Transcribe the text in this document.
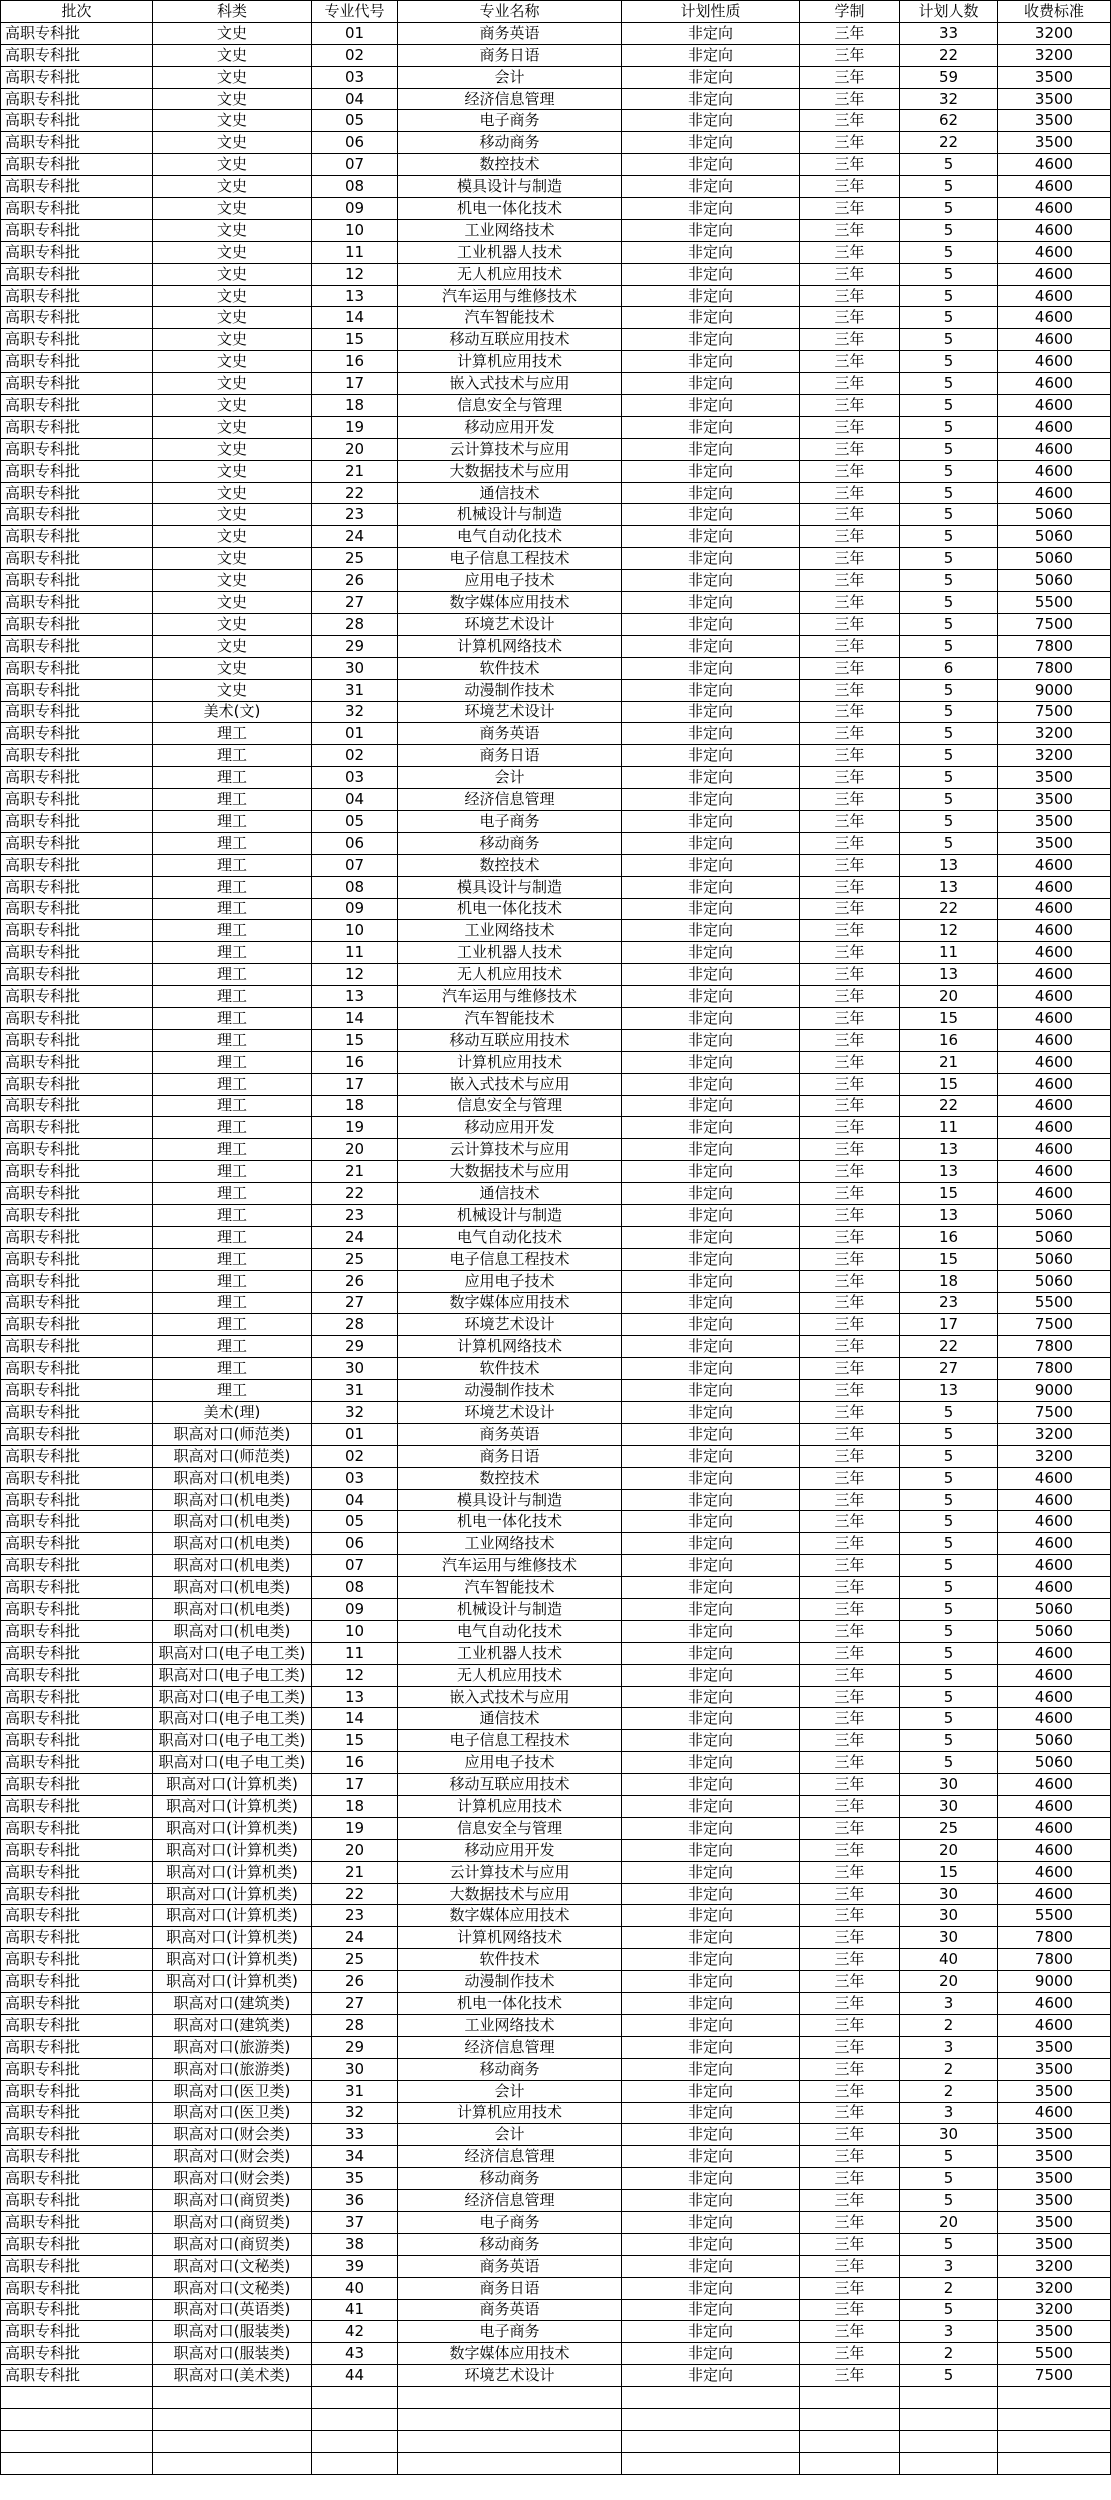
批次	科类	专业代号	专业名称	计划性质	学制	计划人数	收费标准
高职专科批	文史	01	商务英语	非定向	三年	33	3200
高职专科批	文史	02	商务日语	非定向	三年	22	3200
高职专科批	文史	03	会计	非定向	三年	59	3500
高职专科批	文史	04	经济信息管理	非定向	三年	32	3500
高职专科批	文史	05	电子商务	非定向	三年	62	3500
高职专科批	文史	06	移动商务	非定向	三年	22	3500
高职专科批	文史	07	数控技术	非定向	三年	5	4600
高职专科批	文史	08	模具设计与制造	非定向	三年	5	4600
高职专科批	文史	09	机电一体化技术	非定向	三年	5	4600
高职专科批	文史	10	工业网络技术	非定向	三年	5	4600
高职专科批	文史	11	工业机器人技术	非定向	三年	5	4600
高职专科批	文史	12	无人机应用技术	非定向	三年	5	4600
高职专科批	文史	13	汽车运用与维修技术	非定向	三年	5	4600
高职专科批	文史	14	汽车智能技术	非定向	三年	5	4600
高职专科批	文史	15	移动互联应用技术	非定向	三年	5	4600
高职专科批	文史	16	计算机应用技术	非定向	三年	5	4600
高职专科批	文史	17	嵌入式技术与应用	非定向	三年	5	4600
高职专科批	文史	18	信息安全与管理	非定向	三年	5	4600
高职专科批	文史	19	移动应用开发	非定向	三年	5	4600
高职专科批	文史	20	云计算技术与应用	非定向	三年	5	4600
高职专科批	文史	21	大数据技术与应用	非定向	三年	5	4600
高职专科批	文史	22	通信技术	非定向	三年	5	4600
高职专科批	文史	23	机械设计与制造	非定向	三年	5	5060
高职专科批	文史	24	电气自动化技术	非定向	三年	5	5060
高职专科批	文史	25	电子信息工程技术	非定向	三年	5	5060
高职专科批	文史	26	应用电子技术	非定向	三年	5	5060
高职专科批	文史	27	数字媒体应用技术	非定向	三年	5	5500
高职专科批	文史	28	环境艺术设计	非定向	三年	5	7500
高职专科批	文史	29	计算机网络技术	非定向	三年	5	7800
高职专科批	文史	30	软件技术	非定向	三年	6	7800
高职专科批	文史	31	动漫制作技术	非定向	三年	5	9000
高职专科批	美术(文)	32	环境艺术设计	非定向	三年	5	7500
高职专科批	理工	01	商务英语	非定向	三年	5	3200
高职专科批	理工	02	商务日语	非定向	三年	5	3200
高职专科批	理工	03	会计	非定向	三年	5	3500
高职专科批	理工	04	经济信息管理	非定向	三年	5	3500
高职专科批	理工	05	电子商务	非定向	三年	5	3500
高职专科批	理工	06	移动商务	非定向	三年	5	3500
高职专科批	理工	07	数控技术	非定向	三年	13	4600
高职专科批	理工	08	模具设计与制造	非定向	三年	13	4600
高职专科批	理工	09	机电一体化技术	非定向	三年	22	4600
高职专科批	理工	10	工业网络技术	非定向	三年	12	4600
高职专科批	理工	11	工业机器人技术	非定向	三年	11	4600
高职专科批	理工	12	无人机应用技术	非定向	三年	13	4600
高职专科批	理工	13	汽车运用与维修技术	非定向	三年	20	4600
高职专科批	理工	14	汽车智能技术	非定向	三年	15	4600
高职专科批	理工	15	移动互联应用技术	非定向	三年	16	4600
高职专科批	理工	16	计算机应用技术	非定向	三年	21	4600
高职专科批	理工	17	嵌入式技术与应用	非定向	三年	15	4600
高职专科批	理工	18	信息安全与管理	非定向	三年	22	4600
高职专科批	理工	19	移动应用开发	非定向	三年	11	4600
高职专科批	理工	20	云计算技术与应用	非定向	三年	13	4600
高职专科批	理工	21	大数据技术与应用	非定向	三年	13	4600
高职专科批	理工	22	通信技术	非定向	三年	15	4600
高职专科批	理工	23	机械设计与制造	非定向	三年	13	5060
高职专科批	理工	24	电气自动化技术	非定向	三年	16	5060
高职专科批	理工	25	电子信息工程技术	非定向	三年	15	5060
高职专科批	理工	26	应用电子技术	非定向	三年	18	5060
高职专科批	理工	27	数字媒体应用技术	非定向	三年	23	5500
高职专科批	理工	28	环境艺术设计	非定向	三年	17	7500
高职专科批	理工	29	计算机网络技术	非定向	三年	22	7800
高职专科批	理工	30	软件技术	非定向	三年	27	7800
高职专科批	理工	31	动漫制作技术	非定向	三年	13	9000
高职专科批	美术(理)	32	环境艺术设计	非定向	三年	5	7500
高职专科批	职高对口(师范类)	01	商务英语	非定向	三年	5	3200
高职专科批	职高对口(师范类)	02	商务日语	非定向	三年	5	3200
高职专科批	职高对口(机电类)	03	数控技术	非定向	三年	5	4600
高职专科批	职高对口(机电类)	04	模具设计与制造	非定向	三年	5	4600
高职专科批	职高对口(机电类)	05	机电一体化技术	非定向	三年	5	4600
高职专科批	职高对口(机电类)	06	工业网络技术	非定向	三年	5	4600
高职专科批	职高对口(机电类)	07	汽车运用与维修技术	非定向	三年	5	4600
高职专科批	职高对口(机电类)	08	汽车智能技术	非定向	三年	5	4600
高职专科批	职高对口(机电类)	09	机械设计与制造	非定向	三年	5	5060
高职专科批	职高对口(机电类)	10	电气自动化技术	非定向	三年	5	5060
高职专科批	职高对口(电子电工类)	11	工业机器人技术	非定向	三年	5	4600
高职专科批	职高对口(电子电工类)	12	无人机应用技术	非定向	三年	5	4600
高职专科批	职高对口(电子电工类)	13	嵌入式技术与应用	非定向	三年	5	4600
高职专科批	职高对口(电子电工类)	14	通信技术	非定向	三年	5	4600
高职专科批	职高对口(电子电工类)	15	电子信息工程技术	非定向	三年	5	5060
高职专科批	职高对口(电子电工类)	16	应用电子技术	非定向	三年	5	5060
高职专科批	职高对口(计算机类)	17	移动互联应用技术	非定向	三年	30	4600
高职专科批	职高对口(计算机类)	18	计算机应用技术	非定向	三年	30	4600
高职专科批	职高对口(计算机类)	19	信息安全与管理	非定向	三年	25	4600
高职专科批	职高对口(计算机类)	20	移动应用开发	非定向	三年	20	4600
高职专科批	职高对口(计算机类)	21	云计算技术与应用	非定向	三年	15	4600
高职专科批	职高对口(计算机类)	22	大数据技术与应用	非定向	三年	30	4600
高职专科批	职高对口(计算机类)	23	数字媒体应用技术	非定向	三年	30	5500
高职专科批	职高对口(计算机类)	24	计算机网络技术	非定向	三年	30	7800
高职专科批	职高对口(计算机类)	25	软件技术	非定向	三年	40	7800
高职专科批	职高对口(计算机类)	26	动漫制作技术	非定向	三年	20	9000
高职专科批	职高对口(建筑类)	27	机电一体化技术	非定向	三年	3	4600
高职专科批	职高对口(建筑类)	28	工业网络技术	非定向	三年	2	4600
高职专科批	职高对口(旅游类)	29	经济信息管理	非定向	三年	3	3500
高职专科批	职高对口(旅游类)	30	移动商务	非定向	三年	2	3500
高职专科批	职高对口(医卫类)	31	会计	非定向	三年	2	3500
高职专科批	职高对口(医卫类)	32	计算机应用技术	非定向	三年	3	4600
高职专科批	职高对口(财会类)	33	会计	非定向	三年	30	3500
高职专科批	职高对口(财会类)	34	经济信息管理	非定向	三年	5	3500
高职专科批	职高对口(财会类)	35	移动商务	非定向	三年	5	3500
高职专科批	职高对口(商贸类)	36	经济信息管理	非定向	三年	5	3500
高职专科批	职高对口(商贸类)	37	电子商务	非定向	三年	20	3500
高职专科批	职高对口(商贸类)	38	移动商务	非定向	三年	5	3500
高职专科批	职高对口(文秘类)	39	商务英语	非定向	三年	3	3200
高职专科批	职高对口(文秘类)	40	商务日语	非定向	三年	2	3200
高职专科批	职高对口(英语类)	41	商务英语	非定向	三年	5	3200
高职专科批	职高对口(服装类)	42	电子商务	非定向	三年	3	3500
高职专科批	职高对口(服装类)	43	数字媒体应用技术	非定向	三年	2	5500
高职专科批	职高对口(美术类)	44	环境艺术设计	非定向	三年	5	7500
